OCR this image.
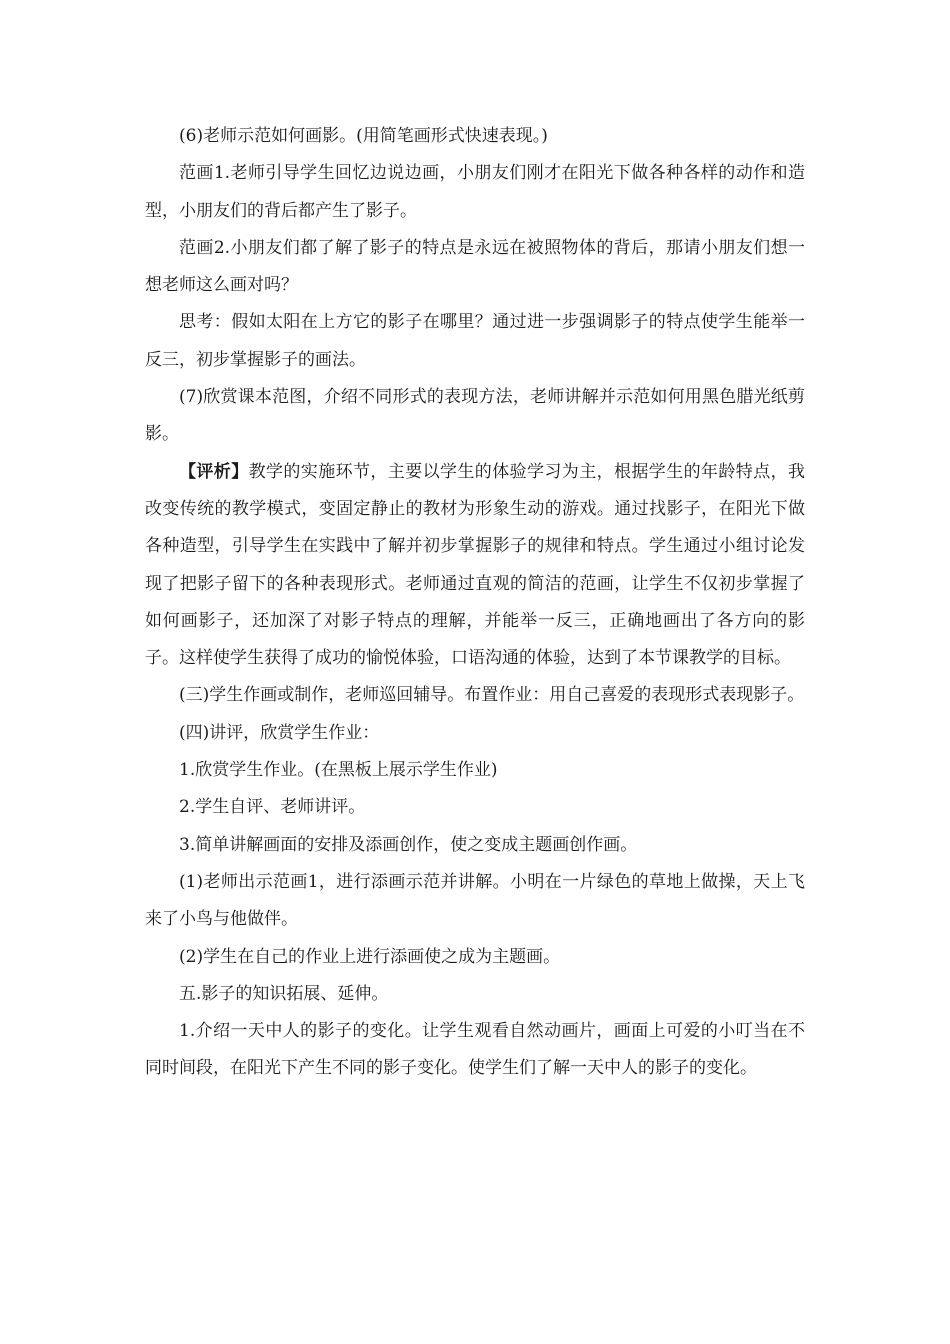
(6)老师示范如何画影。(用简笔画形式快速表现。)

范画1.老师引导学生回忆边说边画，小朋友们刚才在阳光下做各种各样的动作和造型，小朋友们的背后都产生了影子。

范画2.小朋友们都了解了影子的特点是永远在被照物体的背后，那请小朋友们想一想老师这么画对吗？

思考：假如太阳在上方它的影子在哪里？通过进一步强调影子的特点使学生能举一反三，初步掌握影子的画法。

(7)欣赏课本范图，介绍不同形式的表现方法，老师讲解并示范如何用黑色腊光纸剪影。

【评析】教学的实施环节，主要以学生的体验学习为主，根据学生的年龄特点，我改变传统的教学模式，变固定静止的教材为形象生动的游戏。通过找影子，在阳光下做各种造型，引导学生在实践中了解并初步掌握影子的规律和特点。学生通过小组讨论发现了把影子留下的各种表现形式。老师通过直观的简洁的范画，让学生不仅初步掌握了如何画影子，还加深了对影子特点的理解，并能举一反三，正确地画出了各方向的影子。这样使学生获得了成功的愉悦体验，口语沟通的体验，达到了本节课教学的目标。

(三)学生作画或制作，老师巡回辅导。布置作业：用自己喜爱的表现形式表现影子。

(四)讲评，欣赏学生作业：

1.欣赏学生作业。(在黑板上展示学生作业)

2.学生自评、老师讲评。

3.简单讲解画面的安排及添画创作，使之变成主题画创作画。

(1)老师出示范画1，进行添画示范并讲解。小明在一片绿色的草地上做操，天上飞来了小鸟与他做伴。

(2)学生在自己的作业上进行添画使之成为主题画。

五.影子的知识拓展、延伸。

1.介绍一天中人的影子的变化。让学生观看自然动画片，画面上可爱的小叮当在不同时间段，在阳光下产生不同的影子变化。使学生们了解一天中人的影子的变化。
